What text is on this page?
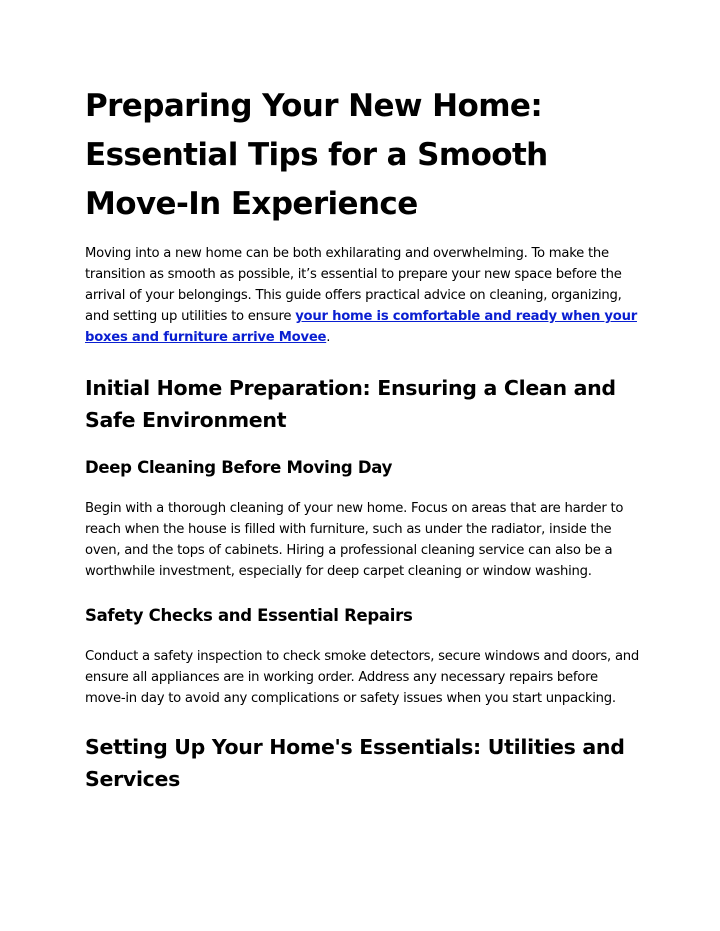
Preparing Your New Home: Essential Tips for a Smooth Move-In Experience

Moving into a new home can be both exhilarating and overwhelming. To make the transition as smooth as possible, it’s essential to prepare your new space before the arrival of your belongings. This guide offers practical advice on cleaning, organizing, and setting up utilities to ensure your home is comfortable and ready when your boxes and furniture arrive Movee.

Initial Home Preparation: Ensuring a Clean and Safe Environment
Deep Cleaning Before Moving Day

Begin with a thorough cleaning of your new home. Focus on areas that are harder to reach when the house is filled with furniture, such as under the radiator, inside the oven, and the tops of cabinets. Hiring a professional cleaning service can also be a worthwhile investment, especially for deep carpet cleaning or window washing.

Safety Checks and Essential Repairs

Conduct a safety inspection to check smoke detectors, secure windows and doors, and ensure all appliances are in working order. Address any necessary repairs before move-in day to avoid any complications or safety issues when you start unpacking.

Setting Up Your Home's Essentials: Utilities and Services
